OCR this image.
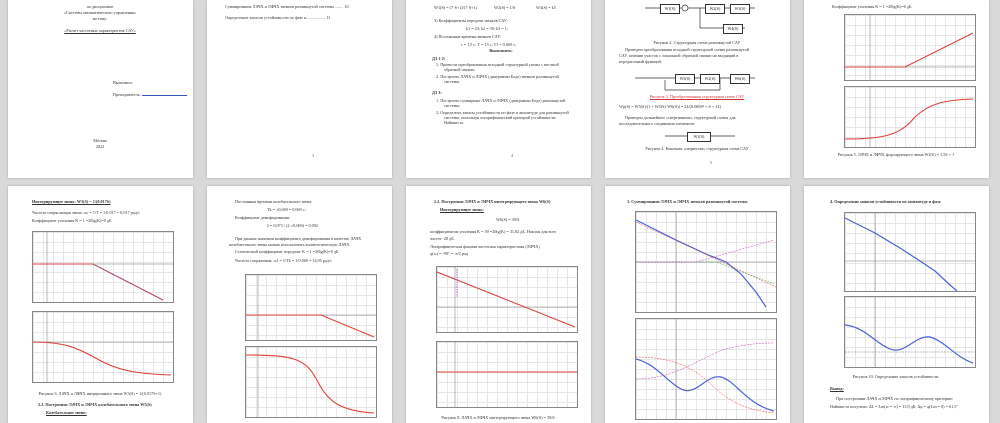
по дисциплине
«Системы автоматического управления»
на тему:
«Расчет частотных характеристик САУ»
Выполнил:
Преподаватель:
Москва
2022
Суммирование ЛАЧХ и ЛФЧХ звеньев разомкнутой системы ........ 10
Определение запасов устойчивости по фазе и ................. 11
3
W1(S) = (7·S+1)/(7·S+1)	W2(S) = 1/S	W4(S) = k5
3) Коэффициенты передачи звеньев САУ:
k1 = 24; k2 = 39; k3 = 1;
4) Постоянные времени звеньев САУ:
τ = 1,5 c; T = 13 c; T1 = 0,069 c;
Выполнить:
ДЗ 1-2:
1. Провести преобразования исходной структурной схемы с местной
обратной связью;
2. Построить ЛАЧХ и ЛФЧХ (диаграммы Боде) звеньев разомкнутой
системы.
ДЗ 3:
1. Построить суммарные ЛАЧХ и ЛФЧХ (диаграммы Боде) разомкнутой
системы;
2. Определить запасы устойчивости по фазе и амплитуде для разомкнутой
системы, используя логарифмический критерий устойчивости
Найквиста.
4
W1(S)	W2(S)	W3(S)
W4(S)
Рисунок 2. Структурная схема разомкнутой САУ
Проведем преобразования исходной структурной схемы разомкнутой
САУ, заменив участок с локальной обратной связью на входящий в
передаточный функций:
W5(S)	W2(S)	W6(S)
Рисунок 3. Преобразованная структурная схема САУ
Wp(S) = W5(S)/(1 + W5(S)·W6(S)) = 24/(0.069S² + S + 14)
Проведем дальнейшее «свертывание» структурной схемы для
последовательного соединения элементов:
W1(S)
Рисунок 4. Конечная «свернутая» структурная схема САУ
5
Коэффициент усиления K = 1 =20lg(K)=0 дБ
Рисунок 5. ЛАЧХ и ЛФЧХ форсирующего звена W2(S) = 1,5S + 1
Интегрирующее звено: W3(S) = 1/(0.017S)
Частота сопрягающая звена: ωc = 1/T = 1/0.017 = 0,017 рад/с
Коэффициент усиления K = 1 =20lg(K)=0 дБ
Рисунок 6. ЛАЧХ и ЛФЧХ инерционного звена W3(S) = 1/(0.017S+1)
2.2. Построение ЛАЧХ и ЛФЧХ колебательного звена W5(S)
Колебательное звено:
Постоянная времени колебательного звена:
Tk = √0,069 = 0,069 c;
Коэффициент демпфирования:
ξ = 0,073 / (2·√0,069) = 0,092
При данном значении коэффициента демпфирования в качестве ЛАЧХ
колебательного звена можно использовать асимптотическую ЛАЧХ.
Статический коэффициент передачи: K = 1 =20lg(K)=0 дБ
Частота сопряжения: ω1 = 1/Tk = 1/0.069 = 14,95 рад/с
2.2. Построение ЛАЧХ и ЛФЧХ интегрирующего звена W6(S)
Интегрирующее звено:
W6(S) = 39/S
коэффициентом усиления K = 39 =20lg(K) = 31,82 дБ. Наклон для всех
частот -20 дБ.
Логарифмическая фазовая частотная характеристика (ЛФЧХ)
φ(ω) = -90° = -π/2 рад
Рисунок 8. ЛАЧХ и ЛФЧХ интегрирующего звена W6(S) = 39/S
3. Суммирование ЛАЧХ и ЛФЧХ звеньев разомкнутой системы	4. Определение запасов устойчивости по амплитуде и фазе
Рисунок 10. Определение запасов устойчивости.
Вывод:
При построении ЛАЧХ и ЛФЧХ по логарифмическому критерию
Найквиста получено: ΔL = Lm(ω = -π) = 13,9 дБ; Δφ = φ(Lm = 0) = 61,5°
